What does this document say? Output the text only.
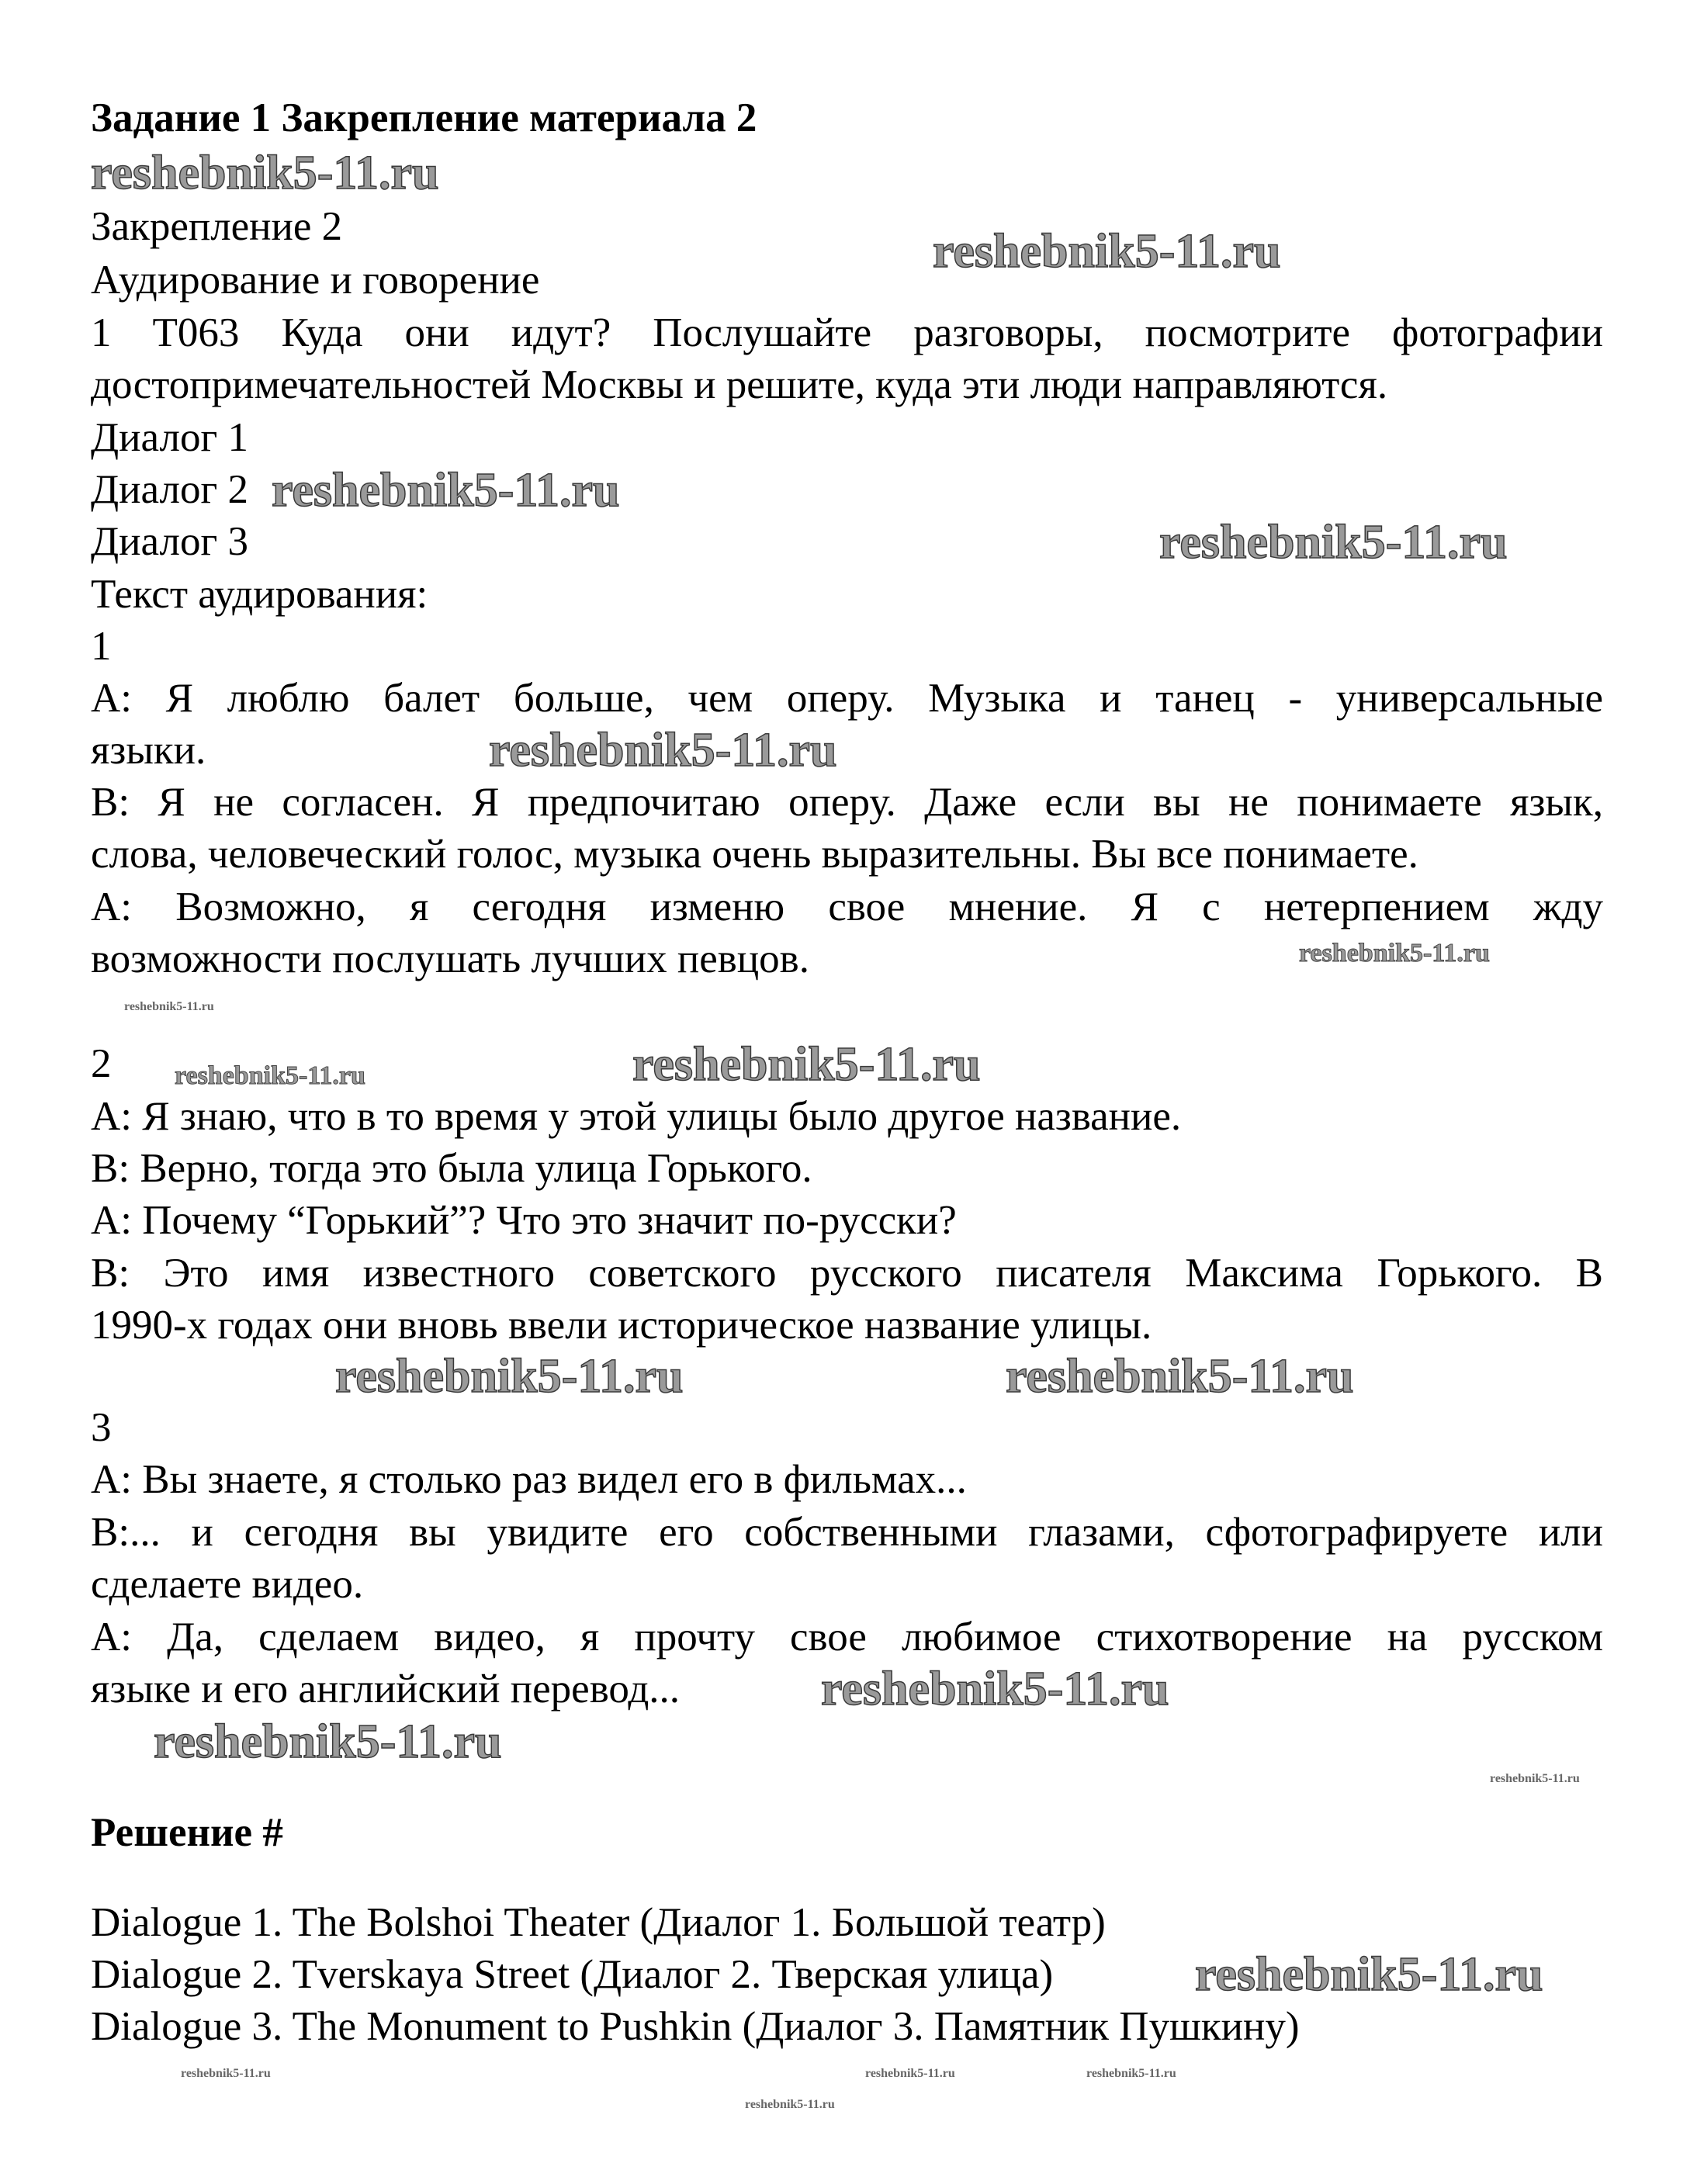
Задание 1 Закрепление материала 2
Закрепление 2
Аудирование и говорение
1 T063 Куда они идут? Послушайте разговоры, посмотрите фотографии
достопримечательностей Москвы и решите, куда эти люди направляются.
Диалог 1
Диалог 2
Диалог 3
Текст аудирования:
1
A: Я люблю балет больше, чем оперу. Музыка и танец - универсальные
языки.
B: Я не согласен. Я предпочитаю оперу. Даже если вы не понимаете язык,
слова, человеческий голос, музыка очень выразительны. Вы все понимаете.
A: Возможно, я сегодня изменю свое мнение. Я с нетерпением жду
возможности послушать лучших певцов.
2
A: Я знаю, что в то время у этой улицы было другое название.
B: Верно, тогда это была улица Горького.
A: Почему “Горький”? Что это значит по-русски?
B: Это имя известного советского русского писателя Максима Горького. В
1990-х годах они вновь ввели историческое название улицы.
3
A: Вы знаете, я столько раз видел его в фильмах...
B:... и сегодня вы увидите его собственными глазами, сфотографируете или
сделаете видео.
A: Да, сделаем видео, я прочту свое любимое стихотворение на русском
языке и его английский перевод...
Решение #
Dialogue 1. The Bolshoi Theater (Диалог 1. Большой театр)
Dialogue 2. Tverskaya Street (Диалог 2. Тверская улица)
Dialogue 3. The Monument to Pushkin (Диалог 3. Памятник Пушкину)
reshebnik5-11.ru
reshebnik5-11.ru
reshebnik5-11.ru
reshebnik5-11.ru
reshebnik5-11.ru
reshebnik5-11.ru
reshebnik5-11.ru	reshebnik5-11.ru
reshebnik5-11.ru
reshebnik5-11.ru
reshebnik5-11.ru
reshebnik5-11.ru
reshebnik5-11.ru
reshebnik5-11.ru
reshebnik5-11.ru
reshebnik5-11.ru
reshebnik5-11.ru	reshebnik5-11.ru
reshebnik5-11.ru
